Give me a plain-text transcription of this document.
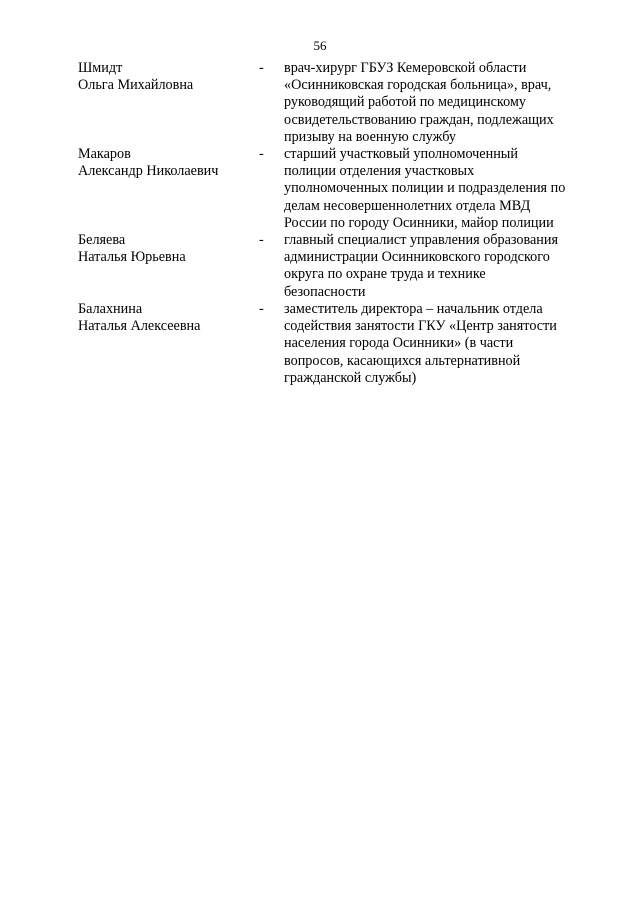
56
Шмидт
Ольга Михайловна
- врач-хирург ГБУЗ Кемеровской области
«Осинниковская городская больница», врач,
руководящий работой по медицинскому
освидетельствованию граждан, подлежащих
призыву на военную службу
Макаров
Александр Николаевич
- старший участковый уполномоченный
полиции отделения участковых
уполномоченных полиции и подразделения по
делам несовершеннолетних отдела МВД
России по городу Осинники, майор полиции
Беляева
Наталья Юрьевна
- главный специалист управления образования
администрации Осинниковского городского
округа по охране труда и технике
безопасности
Балахнина
Наталья Алексеевна
- заместитель директора – начальник отдела
содействия занятости ГКУ «Центр занятости
населения города Осинники» (в части
вопросов, касающихся альтернативной
гражданской службы)
